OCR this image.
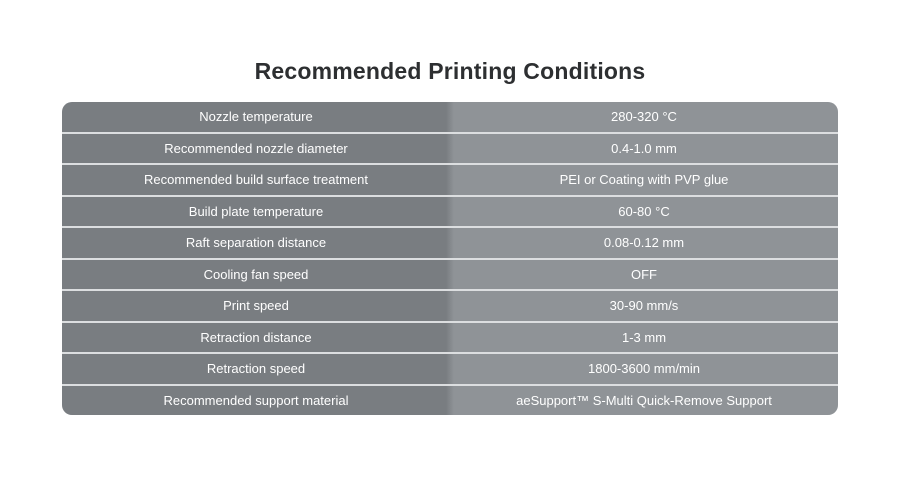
Recommended Printing Conditions
Nozzle temperature	280-320 °C
Recommended nozzle diameter	0.4-1.0 mm
Recommended build surface treatment	PEI or Coating with PVP glue
Build plate temperature	60-80 °C
Raft separation distance	0.08-0.12 mm
Cooling fan speed	OFF
Print speed	30-90 mm/s
Retraction distance	1-3 mm
Retraction speed	1800-3600 mm/min
Recommended support material	aeSupport™ S-Multi Quick-Remove Support
